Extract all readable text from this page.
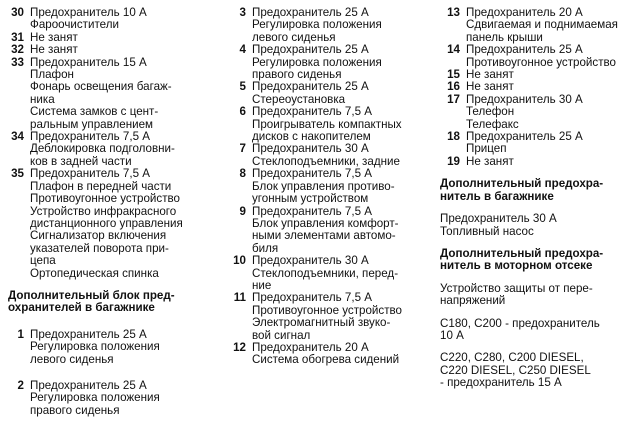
30 Предохранитель 10 А
Фароочистители
31 Не занят
32 Не занят
33 Предохранитель 15 А
Плафон
Фонарь освещения багаж-
ника
Система замков с цент-
ральным управлением
34 Предохранитель 7,5 А
Деблокировка подголовни-
ков в задней части
35 Предохранитель 7,5 А
Плафон в передней части
Противоугонное устройство
Устройство инфракрасного
дистанционного управления
Сигнализатор включения
указателей поворота при-
цепа
Ортопедическая спинка
Дополнительный блок пред-
охранителей в багажнике
1 Предохранитель 25 А
Регулировка положения
левого сиденья
2 Предохранитель 25 А
Регулировка положения
правого сиденья
3 Предохранитель 25 А
Регулировка положения
левого сиденья
4 Предохранитель 25 А
Регулировка положения
правого сиденья
5 Предохранитель 25 А
Стереоустановка
6 Предохранитель 7,5 А
Проигрыватель компактных
дисков с накопителем
7 Предохранитель 30 А
Стеклоподъемники, задние
8 Предохранитель 7,5 А
Блок управления противо-
угонным устройством
9 Предохранитель 7,5 А
Блок управления комфорт-
ными элементами автомо-
биля
10 Предохранитель 30 А
Стеклоподъемники, перед-
ние
11 Предохранитель 7,5 А
Противоугонное устройство
Электромагнитный звуко-
вой сигнал
12 Предохранитель 20 А
Система обогрева сидений
13 Предохранитель 20 А
Сдвигаемая и поднимаемая
панель крыши
14 Предохранитель 25 А
Противоугонное устройство
15 Не занят
16 Не занят
17 Предохранитель 30 А
Телефон
Телефакс
18 Предохранитель 25 А
Прицеп
19 Не занят
Дополнительный предохра-
нитель в багажнике
Предохранитель 30 А
Топливный насос
Дополнительный предохра-
нитель в моторном отсеке
Устройство защиты от пере-
напряжений
C180, C200 - предохранитель
10 А
C220, C280, C200 DIESEL,
C220 DIESEL, C250 DIESEL
- предохранитель 15 А
